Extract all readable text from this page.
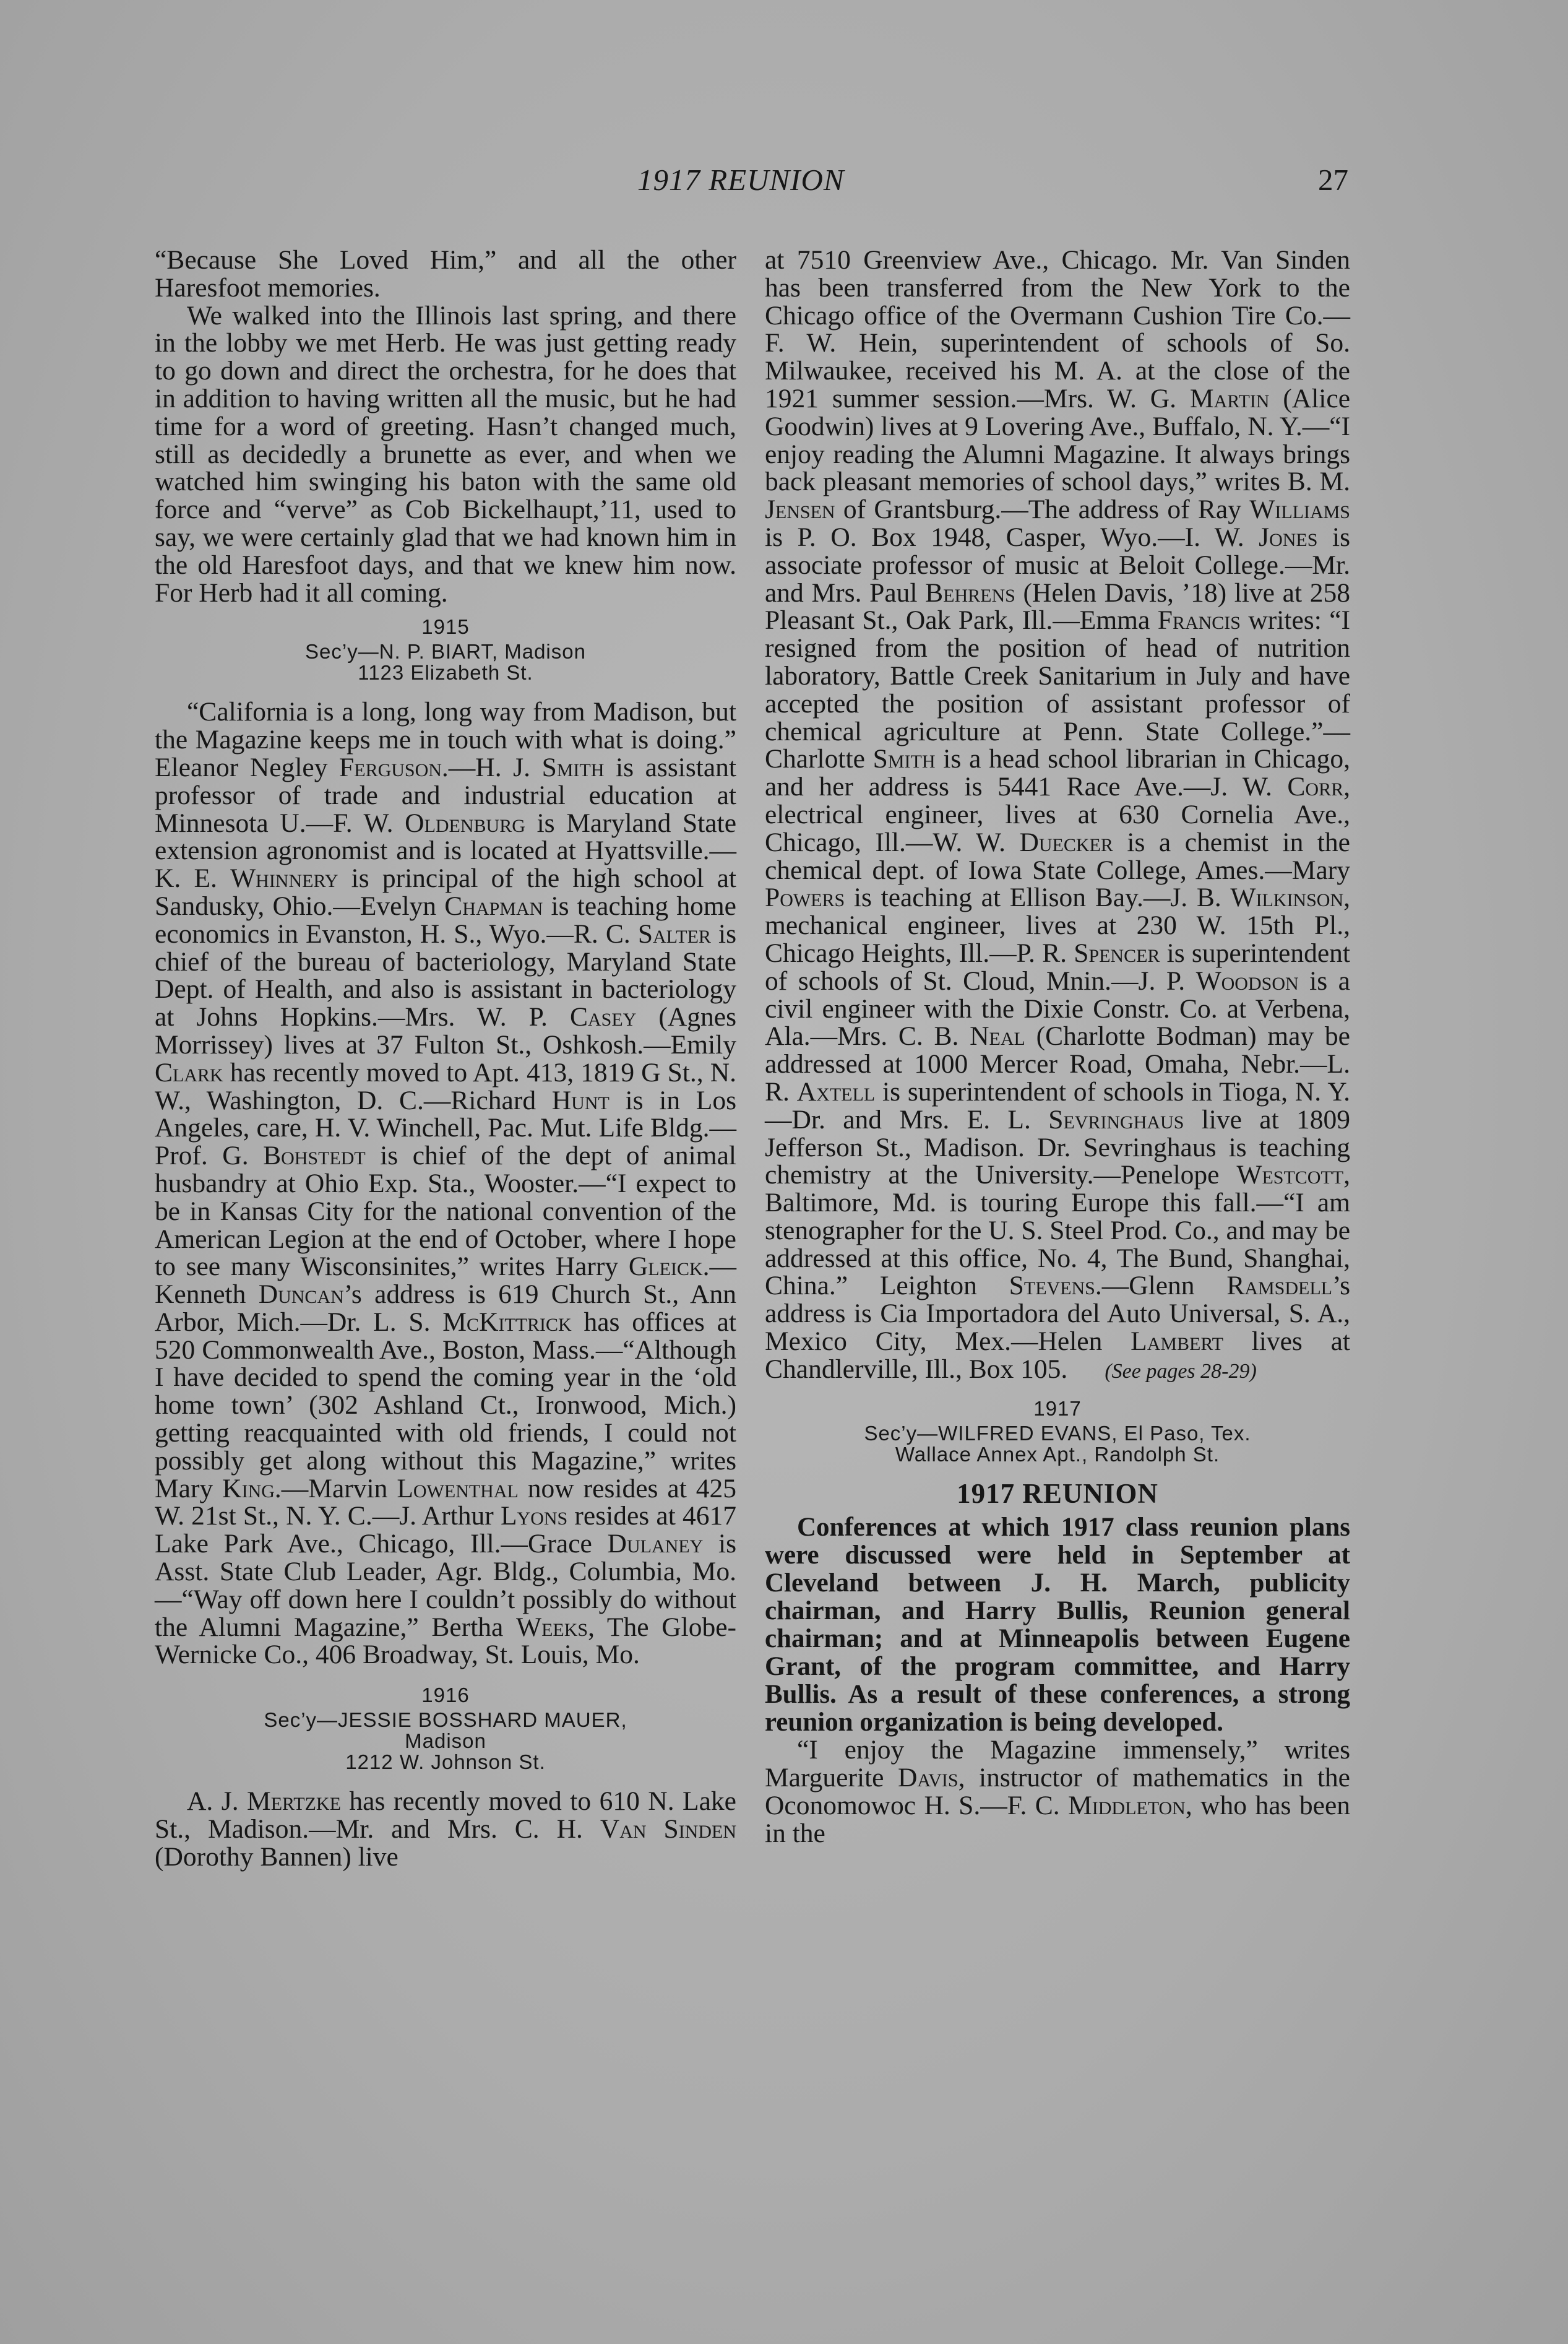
1917 REUNION	27

“Because She Loved Him,” and all the other Haresfoot memories.

We walked into the Illinois last spring, and there in the lobby we met Herb. He was just getting ready to go down and direct the orchestra, for he does that in addition to having written all the music, but he had time for a word of greeting. Hasn’t changed much, still as decidedly a brunette as ever, and when we watched him swinging his baton with the same old force and “verve” as Cob Bickelhaupt,’11, used to say, we were certainly glad that we had known him in the old Haresfoot days, and that we knew him now. For Herb had it all coming.

1915
Sec’y—N. P. BIART, Madison
1123 Elizabeth St.

“California is a long, long way from Madison, but the Magazine keeps me in touch with what is doing.” Eleanor Negley Ferguson.—H. J. Smith is assistant professor of trade and industrial education at Minnesota U.—F. W. Oldenburg is Maryland State extension agronomist and is located at Hyattsville.—K. E. Whinnery is principal of the high school at Sandusky, Ohio.—Evelyn Chapman is teaching home economics in Evanston, H. S., Wyo.—R. C. Salter is chief of the bureau of bacteriology, Maryland State Dept. of Health, and also is assistant in bacteriology at Johns Hopkins.—Mrs. W. P. Casey (Agnes Morrissey) lives at 37 Fulton St., Oshkosh.—Emily Clark has recently moved to Apt. 413, 1819 G St., N. W., Washington, D. C.—Richard Hunt is in Los Angeles, care, H. V. Winchell, Pac. Mut. Life Bldg.—Prof. G. Bohstedt is chief of the dept of animal husbandry at Ohio Exp. Sta., Wooster.—“I expect to be in Kansas City for the national convention of the American Legion at the end of October, where I hope to see many Wisconsinites,” writes Harry Gleick.—Kenneth Duncan’s address is 619 Church St., Ann Arbor, Mich.—Dr. L. S. McKittrick has offices at 520 Commonwealth Ave., Boston, Mass.—“Although I have decided to spend the coming year in the ‘old home town’ (302 Ashland Ct., Ironwood, Mich.) getting reacquainted with old friends, I could not possibly get along without this Magazine,” writes Mary King.—Marvin Lowenthal now resides at 425 W. 21st St., N. Y. C.—J. Arthur Lyons resides at 4617 Lake Park Ave., Chicago, Ill.—Grace Dulaney is Asst. State Club Leader, Agr. Bldg., Columbia, Mo.—“Way off down here I couldn’t possibly do without the Alumni Magazine,” Bertha Weeks, The Globe-Wernicke Co., 406 Broadway, St. Louis, Mo.

1916
Sec’y—JESSIE BOSSHARD MAUER,
Madison
1212 W. Johnson St.

A. J. Mertzke has recently moved to 610 N. Lake St., Madison.—Mr. and Mrs. C. H. Van Sinden (Dorothy Bannen) live

at 7510 Greenview Ave., Chicago. Mr. Van Sinden has been transferred from the New York to the Chicago office of the Overmann Cushion Tire Co.—F. W. Hein, superintendent of schools of So. Milwaukee, received his M. A. at the close of the 1921 summer session.—Mrs. W. G. Martin (Alice Goodwin) lives at 9 Lovering Ave., Buffalo, N. Y.—“I enjoy reading the Alumni Magazine. It always brings back pleasant memories of school days,” writes B. M. Jensen of Grantsburg.—The address of Ray Williams is P. O. Box 1948, Casper, Wyo.—I. W. Jones is associate professor of music at Beloit College.—Mr. and Mrs. Paul Behrens (Helen Davis, ’18) live at 258 Pleasant St., Oak Park, Ill.—Emma Francis writes: “I resigned from the position of head of nutrition laboratory, Battle Creek Sanitarium in July and have accepted the position of assistant professor of chemical agriculture at Penn. State College.”—Charlotte Smith is a head school librarian in Chicago, and her address is 5441 Race Ave.—J. W. Corr, electrical engineer, lives at 630 Cornelia Ave., Chicago, Ill.—W. W. Duecker is a chemist in the chemical dept. of Iowa State College, Ames.—Mary Powers is teaching at Ellison Bay.—J. B. Wilkinson, mechanical engineer, lives at 230 W. 15th Pl., Chicago Heights, Ill.—P. R. Spencer is superintendent of schools of St. Cloud, Mnin.—J. P. Woodson is a civil engineer with the Dixie Constr. Co. at Verbena, Ala.—Mrs. C. B. Neal (Charlotte Bodman) may be addressed at 1000 Mercer Road, Omaha, Nebr.—L. R. Axtell is superintendent of schools in Tioga, N. Y.—Dr. and Mrs. E. L. Sevringhaus live at 1809 Jefferson St., Madison. Dr. Sevringhaus is teaching chemistry at the University.—Penelope Westcott, Baltimore, Md. is touring Europe this fall.—“I am stenographer for the U. S. Steel Prod. Co., and may be addressed at this office, No. 4, The Bund, Shanghai, China.” Leighton Stevens.—Glenn Ramsdell’s address is Cia Importadora del Auto Universal, S. A., Mexico City, Mex.—Helen Lambert lives at Chandlerville, Ill., Box 105. (See pages 28-29)

1917
Sec’y—WILFRED EVANS, El Paso, Tex.
Wallace Annex Apt., Randolph St.
1917 REUNION

Conferences at which 1917 class reunion plans were discussed were held in September at Cleveland between J. H. March, publicity chairman, and Harry Bullis, Reunion general chairman; and at Minneapolis between Eugene Grant, of the program committee, and Harry Bullis. As a result of these conferences, a strong reunion organization is being developed.

“I enjoy the Magazine immensely,” writes Marguerite Davis, instructor of mathematics in the Oconomowoc H. S.—F. C. Middleton, who has been in the
